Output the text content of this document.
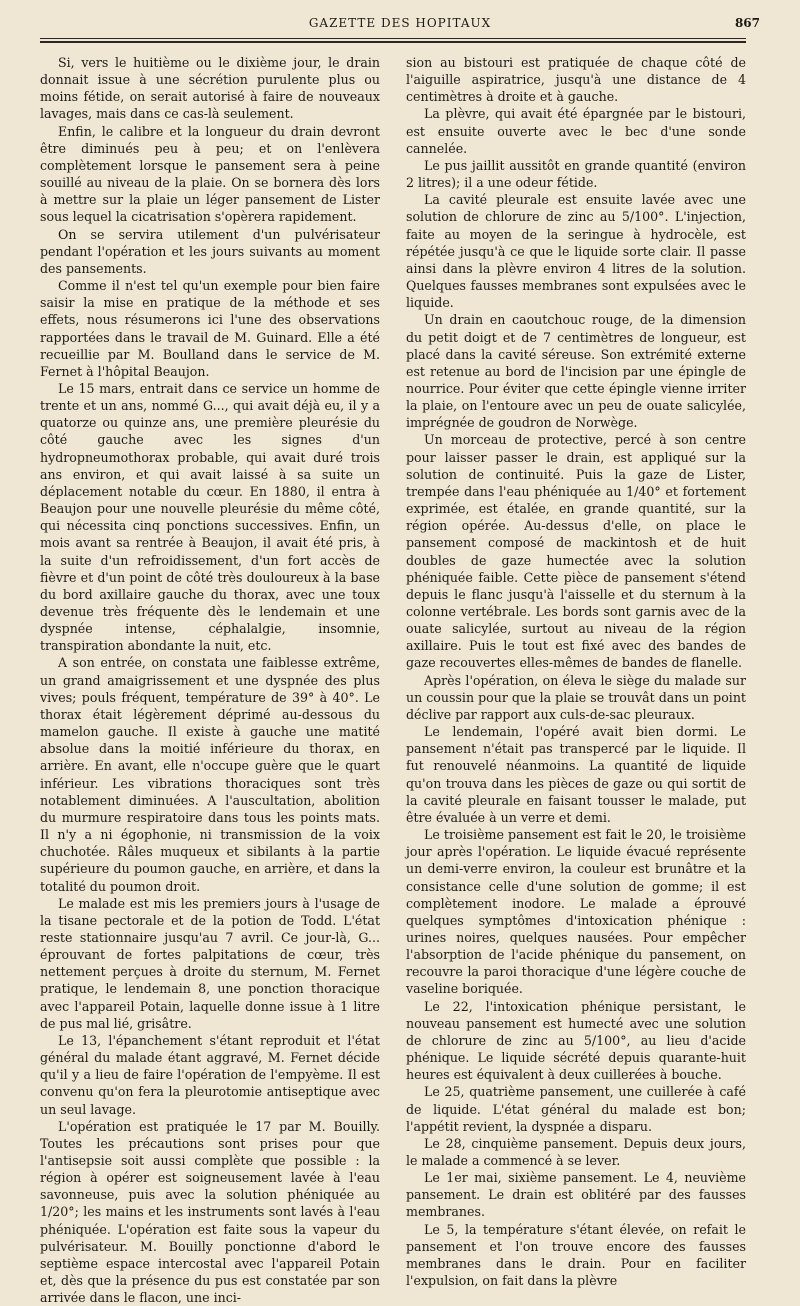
GAZETTE DES HOPITAUX	867

Si, vers le huitième ou le dixième jour, le drain donnait issue à une sécrétion purulente plus ou moins fétide, on serait autorisé à faire de nouveaux lavages, mais dans ce cas-là seulement.

Enfin, le calibre et la longueur du drain devront être diminués peu à peu; et on l'enlèvera complètement lorsque le pansement sera à peine souillé au niveau de la plaie. On se bornera dès lors à mettre sur la plaie un léger pansement de Lister sous lequel la cicatrisation s'opèrera rapidement.

On se servira utilement d'un pulvérisateur pendant l'opération et les jours suivants au moment des pansements.

Comme il n'est tel qu'un exemple pour bien faire saisir la mise en pratique de la méthode et ses effets, nous résumerons ici l'une des observations rapportées dans le travail de M. Guinard. Elle a été recueillie par M. Boulland dans le service de M. Fernet à l'hôpital Beaujon.

Le 15 mars, entrait dans ce service un homme de trente et un ans, nommé G..., qui avait déjà eu, il y a quatorze ou quinze ans, une première pleurésie du côté gauche avec les signes d'un hydropneumothorax probable, qui avait duré trois ans environ, et qui avait laissé à sa suite un déplacement notable du cœur. En 1880, il entra à Beaujon pour une nouvelle pleurésie du même côté, qui nécessita cinq ponctions successives. Enfin, un mois avant sa rentrée à Beaujon, il avait été pris, à la suite d'un refroidissement, d'un fort accès de fièvre et d'un point de côté très douloureux à la base du bord axillaire gauche du thorax, avec une toux devenue très fréquente dès le lendemain et une dyspnée intense, céphalalgie, insomnie, transpiration abondante la nuit, etc.

A son entrée, on constata une faiblesse extrême, un grand amaigrissement et une dyspnée des plus vives; pouls fréquent, température de 39° à 40°. Le thorax était légèrement déprimé au-dessous du mamelon gauche. Il existe à gauche une matité absolue dans la moitié inférieure du thorax, en arrière. En avant, elle n'occupe guère que le quart inférieur. Les vibrations thoraciques sont très notablement diminuées. A l'auscultation, abolition du murmure respiratoire dans tous les points mats. Il n'y a ni égophonie, ni transmission de la voix chuchotée. Râles muqueux et sibilants à la partie supérieure du poumon gauche, en arrière, et dans la totalité du poumon droit.

Le malade est mis les premiers jours à l'usage de la tisane pectorale et de la potion de Todd. L'état reste stationnaire jusqu'au 7 avril. Ce jour-là, G... éprouvant de fortes palpitations de cœur, très nettement perçues à droite du sternum, M. Fernet pratique, le lendemain 8, une ponction thoracique avec l'appareil Potain, laquelle donne issue à 1 litre de pus mal lié, grisâtre.

Le 13, l'épanchement s'étant reproduit et l'état général du malade étant aggravé, M. Fernet décide qu'il y a lieu de faire l'opération de l'empyème. Il est convenu qu'on fera la pleurotomie antiseptique avec un seul lavage.

L'opération est pratiquée le 17 par M. Bouilly. Toutes les précautions sont prises pour que l'antisepsie soit aussi complète que possible : la région à opérer est soigneusement lavée à l'eau savonneuse, puis avec la solution phéniquée au 1/20°; les mains et les instruments sont lavés à l'eau phéniquée. L'opération est faite sous la vapeur du pulvérisateur. M. Bouilly ponctionne d'abord le septième espace intercostal avec l'appareil Potain et, dès que la présence du pus est constatée par son arrivée dans le flacon, une inci-

sion au bistouri est pratiquée de chaque côté de l'aiguille aspiratrice, jusqu'à une distance de 4 centimètres à droite et à gauche.

La plèvre, qui avait été épargnée par le bistouri, est ensuite ouverte avec le bec d'une sonde cannelée.

Le pus jaillit aussitôt en grande quantité (environ 2 litres); il a une odeur fétide.

La cavité pleurale est ensuite lavée avec une solution de chlorure de zinc au 5/100°. L'injection, faite au moyen de la seringue à hydrocèle, est répétée jusqu'à ce que le liquide sorte clair. Il passe ainsi dans la plèvre environ 4 litres de la solution. Quelques fausses membranes sont expulsées avec le liquide.

Un drain en caoutchouc rouge, de la dimension du petit doigt et de 7 centimètres de longueur, est placé dans la cavité séreuse. Son extrémité externe est retenue au bord de l'incision par une épingle de nourrice. Pour éviter que cette épingle vienne irriter la plaie, on l'entoure avec un peu de ouate salicylée, imprégnée de goudron de Norwège.

Un morceau de protective, percé à son centre pour laisser passer le drain, est appliqué sur la solution de continuité. Puis la gaze de Lister, trempée dans l'eau phéniquée au 1/40° et fortement exprimée, est étalée, en grande quantité, sur la région opérée. Au-dessus d'elle, on place le pansement composé de mackintosh et de huit doubles de gaze humectée avec la solution phéniquée faible. Cette pièce de pansement s'étend depuis le flanc jusqu'à l'aisselle et du sternum à la colonne vertébrale. Les bords sont garnis avec de la ouate salicylée, surtout au niveau de la région axillaire. Puis le tout est fixé avec des bandes de gaze recouvertes elles-mêmes de bandes de flanelle.

Après l'opération, on éleva le siège du malade sur un coussin pour que la plaie se trouvât dans un point déclive par rapport aux culs-de-sac pleuraux.

Le lendemain, l'opéré avait bien dormi. Le pansement n'était pas transpercé par le liquide. Il fut renouvelé néanmoins. La quantité de liquide qu'on trouva dans les pièces de gaze ou qui sortit de la cavité pleurale en faisant tousser le malade, put être évaluée à un verre et demi.

Le troisième pansement est fait le 20, le troisième jour après l'opération. Le liquide évacué représente un demi-verre environ, la couleur est brunâtre et la consistance celle d'une solution de gomme; il est complètement inodore. Le malade a éprouvé quelques symptômes d'intoxication phénique : urines noires, quelques nausées. Pour empêcher l'absorption de l'acide phénique du pansement, on recouvre la paroi thoracique d'une légère couche de vaseline boriquée.

Le 22, l'intoxication phénique persistant, le nouveau pansement est humecté avec une solution de chlorure de zinc au 5/100°, au lieu d'acide phénique. Le liquide sécrété depuis quarante-huit heures est équivalent à deux cuillerées à bouche.

Le 25, quatrième pansement, une cuillerée à café de liquide. L'état général du malade est bon; l'appétit revient, la dyspnée a disparu.

Le 28, cinquième pansement. Depuis deux jours, le malade a commencé à se lever.

Le 1er mai, sixième pansement. Le 4, neuvième pansement. Le drain est oblitéré par des fausses membranes.

Le 5, la température s'étant élevée, on refait le pansement et l'on trouve encore des fausses membranes dans le drain. Pour en faciliter l'expulsion, on fait dans la plèvre
